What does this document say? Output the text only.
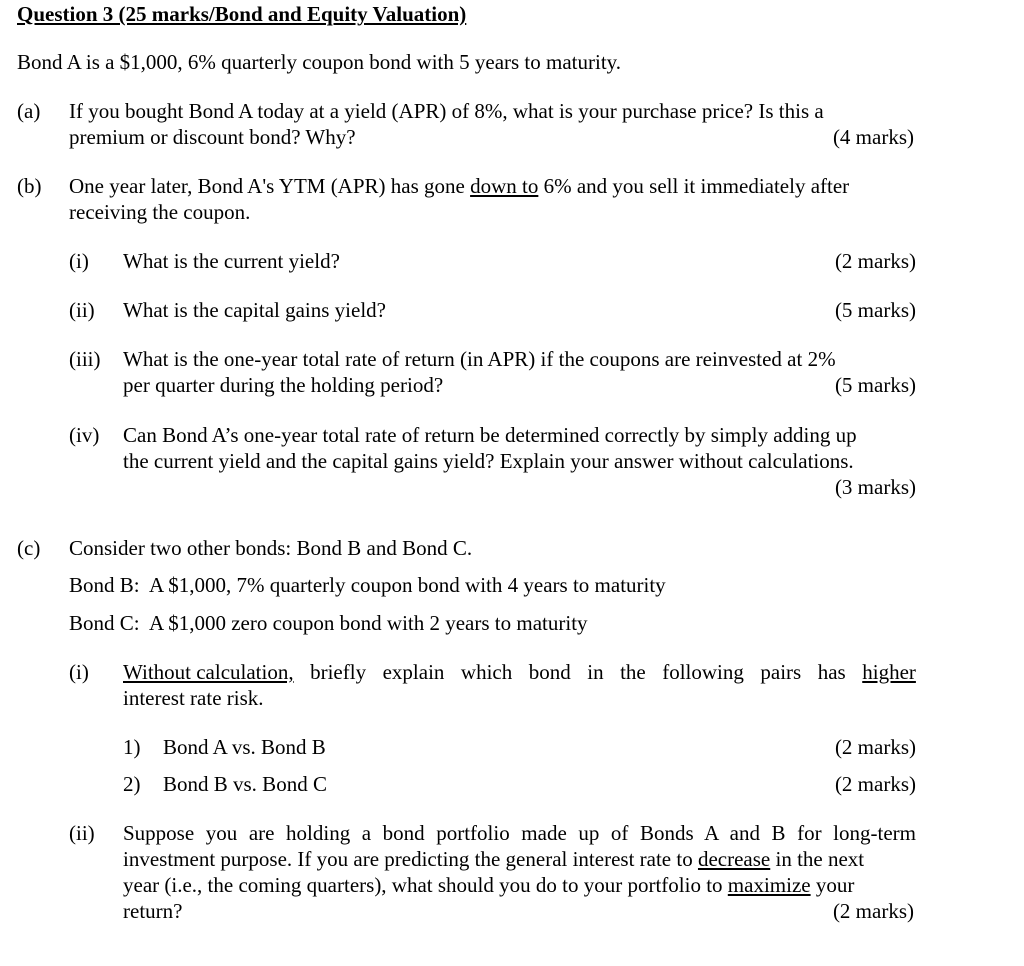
Question 3 (25 marks/Bond and Equity Valuation)
Bond A is a $1,000, 6% quarterly coupon bond with 5 years to maturity.
(a) If you bought Bond A today at a yield (APR) of 8%, what is your purchase price? Is this a
premium or discount bond? Why?	(4 marks)
(b) One year later, Bond A's YTM (APR) has gone down to 6% and you sell it immediately after
receiving the coupon.
(i) What is the current yield?	(2 marks)
(ii) What is the capital gains yield?	(5 marks)
(iii) What is the one-year total rate of return (in APR) if the coupons are reinvested at 2%
per quarter during the holding period?	(5 marks)
(iv) Can Bond A’s one-year total rate of return be determined correctly by simply adding up
the current yield and the capital gains yield? Explain your answer without calculations.
(3 marks)
(c) Consider two other bonds: Bond B and Bond C.
Bond B:  A $1,000, 7% quarterly coupon bond with 4 years to maturity
Bond C:  A $1,000 zero coupon bond with 2 years to maturity
(i) Without calculation, briefly explain which bond in the following pairs has higher
interest rate risk.
1) Bond A vs. Bond B	(2 marks)
2) Bond B vs. Bond C	(2 marks)
(ii) Suppose you are holding a bond portfolio made up of Bonds A and B for long-term
investment purpose. If you are predicting the general interest rate to decrease in the next
year (i.e., the coming quarters), what should you do to your portfolio to maximize your
return?	(2 marks)
